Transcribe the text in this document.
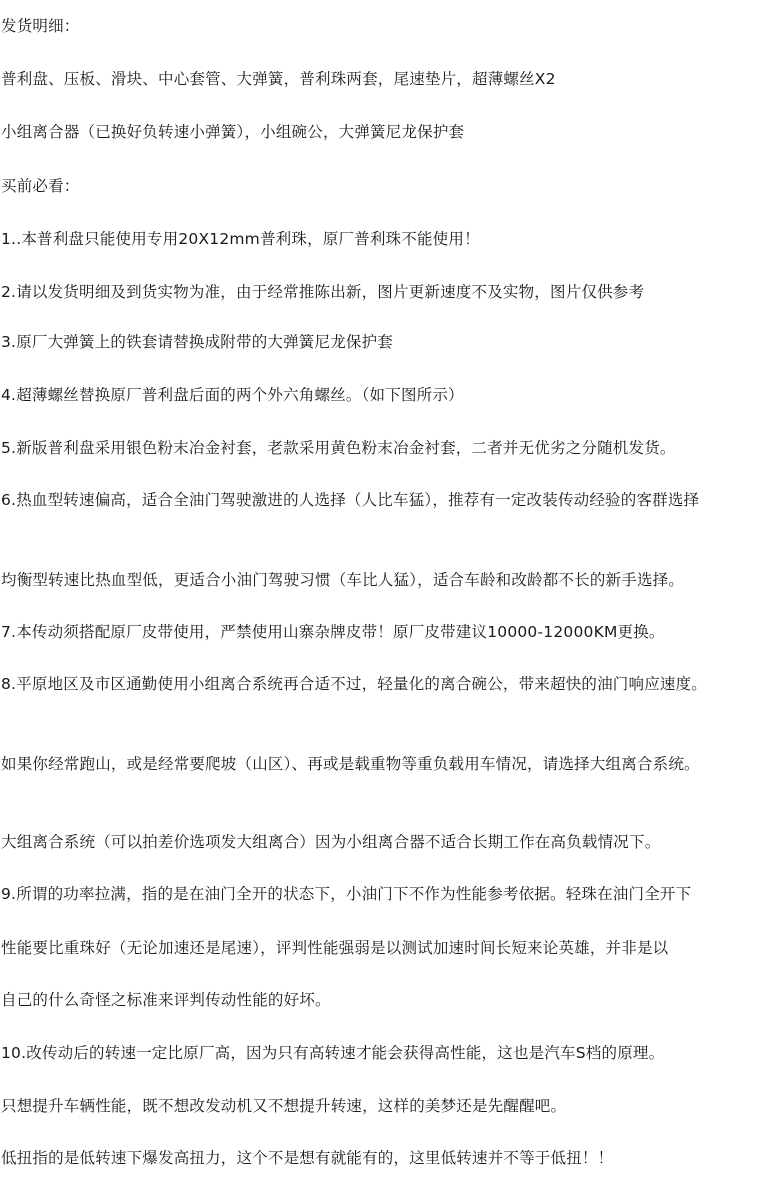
发货明细：
普利盘、压板、滑块、中心套管、大弹簧，普利珠两套，尾速垫片，超薄螺丝X2
小组离合器（已换好负转速小弹簧），小组碗公，大弹簧尼龙保护套
买前必看：
1..本普利盘只能使用专用20X12mm普利珠，原厂普利珠不能使用！
2.请以发货明细及到货实物为准，由于经常推陈出新，图片更新速度不及实物，图片仅供参考
3.原厂大弹簧上的铁套请替换成附带的大弹簧尼龙保护套
4.超薄螺丝替换原厂普利盘后面的两个外六角螺丝。（如下图所示）
5.新版普利盘采用银色粉末冶金衬套，老款采用黄色粉末冶金衬套，二者并无优劣之分随机发货。
6.热血型转速偏高，适合全油门驾驶激进的人选择（人比车猛），推荐有一定改装传动经验的客群选择
均衡型转速比热血型低，更适合小油门驾驶习惯（车比人猛），适合车龄和改龄都不长的新手选择。
7.本传动须搭配原厂皮带使用，严禁使用山寨杂牌皮带！原厂皮带建议10000-12000KM更换。
8.平原地区及市区通勤使用小组离合系统再合适不过，轻量化的离合碗公，带来超快的油门响应速度。
如果你经常跑山，或是经常要爬坡（山区）、再或是载重物等重负载用车情况，请选择大组离合系统。
大组离合系统（可以拍差价选项发大组离合）因为小组离合器不适合长期工作在高负载情况下。
9.所谓的功率拉满，指的是在油门全开的状态下，小油门下不作为性能参考依据。轻珠在油门全开下
性能要比重珠好（无论加速还是尾速），评判性能强弱是以测试加速时间长短来论英雄，并非是以
自己的什么奇怪之标准来评判传动性能的好坏。
10.改传动后的转速一定比原厂高，因为只有高转速才能会获得高性能，这也是汽车S档的原理。
只想提升车辆性能，既不想改发动机又不想提升转速，这样的美梦还是先醒醒吧。
低扭指的是低转速下爆发高扭力，这个不是想有就能有的，这里低转速并不等于低扭！！
